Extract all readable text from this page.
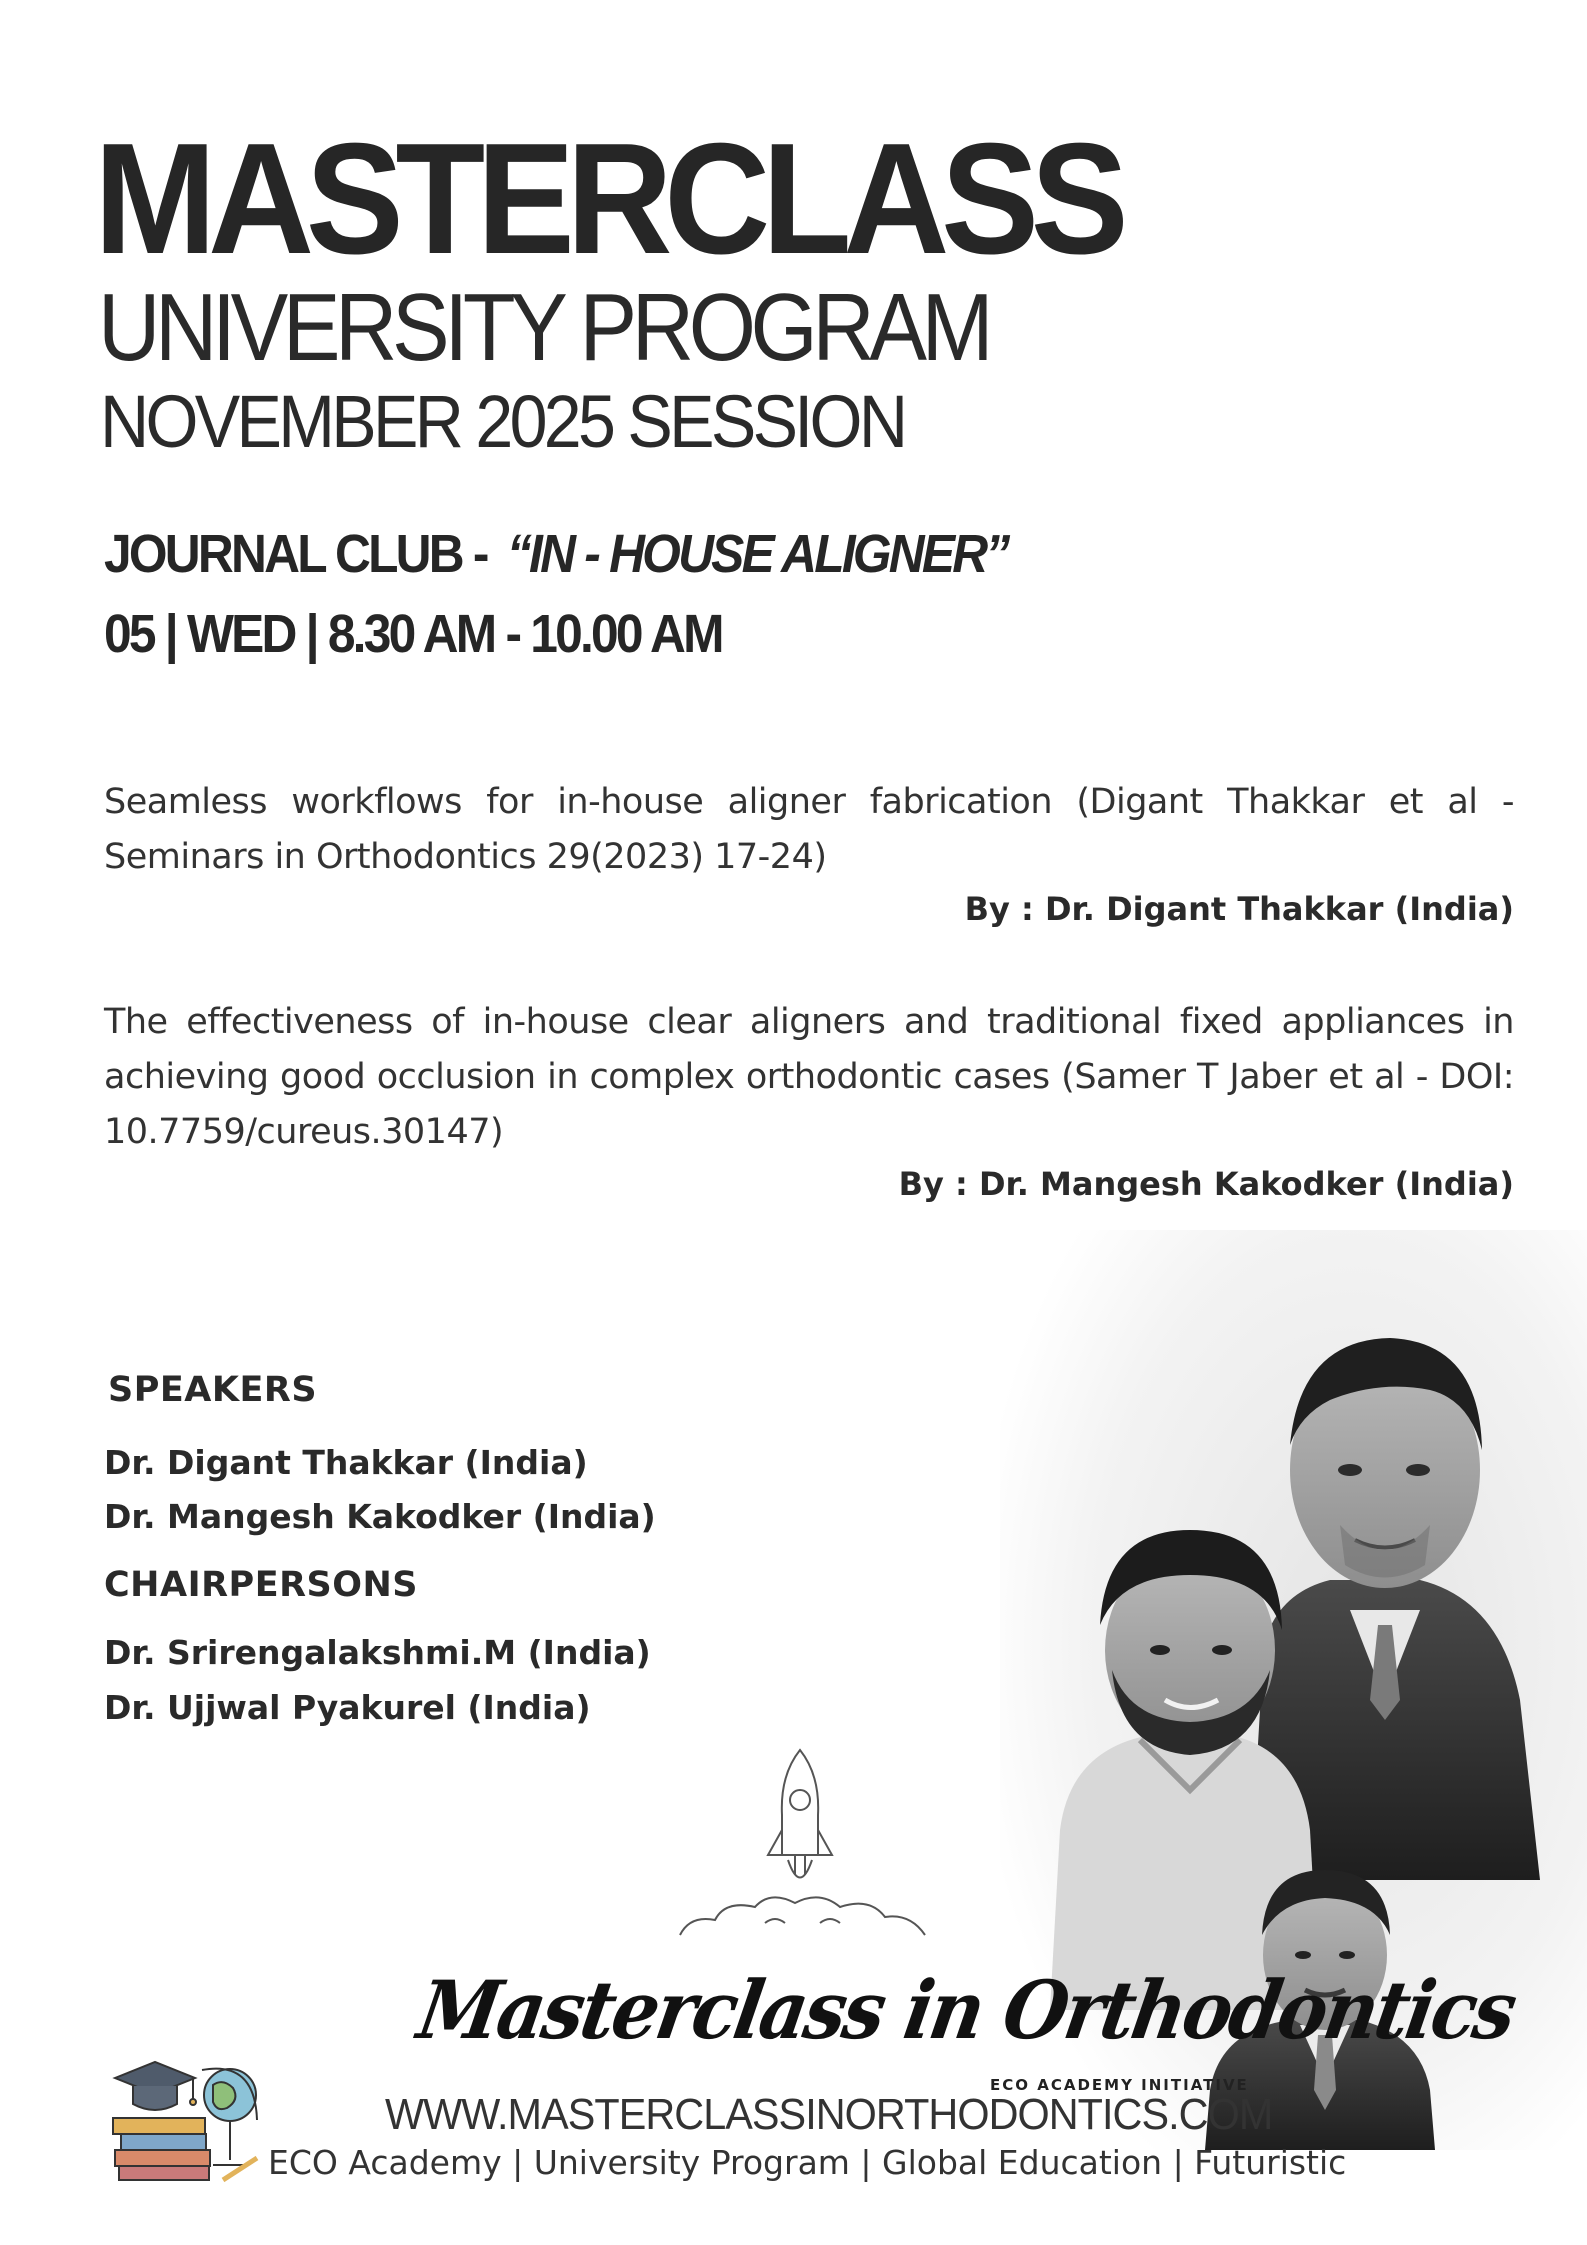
MASTERCLASS
UNIVERSITY PROGRAM
NOVEMBER 2025 SESSION
JOURNAL CLUB - “IN - HOUSE ALIGNER”
05 | WED | 8.30 AM - 10.00 AM
Seamless workflows for in-house aligner fabrication (Digant Thakkar et al - Seminars in Orthodontics 29(2023) 17-24)
By : Dr. Digant Thakkar (India)
The effectiveness of in-house clear aligners and traditional fixed appliances in achieving good occlusion in complex orthodontic cases (Samer T Jaber et al - DOI: 10.7759/cureus.30147)
By : Dr. Mangesh Kakodker (India)
SPEAKERS
Dr. Digant Thakkar (India)
Dr. Mangesh Kakodker (India)
CHAIRPERSONS
Dr. Srirengalakshmi.M (India)
Dr. Ujjwal Pyakurel (India)
Masterclass in Orthodontics
ECO ACADEMY INITIATIVE
WWW.MASTERCLASSINORTHODONTICS.COM
ECO Academy | University Program | Global Education | Futuristic
